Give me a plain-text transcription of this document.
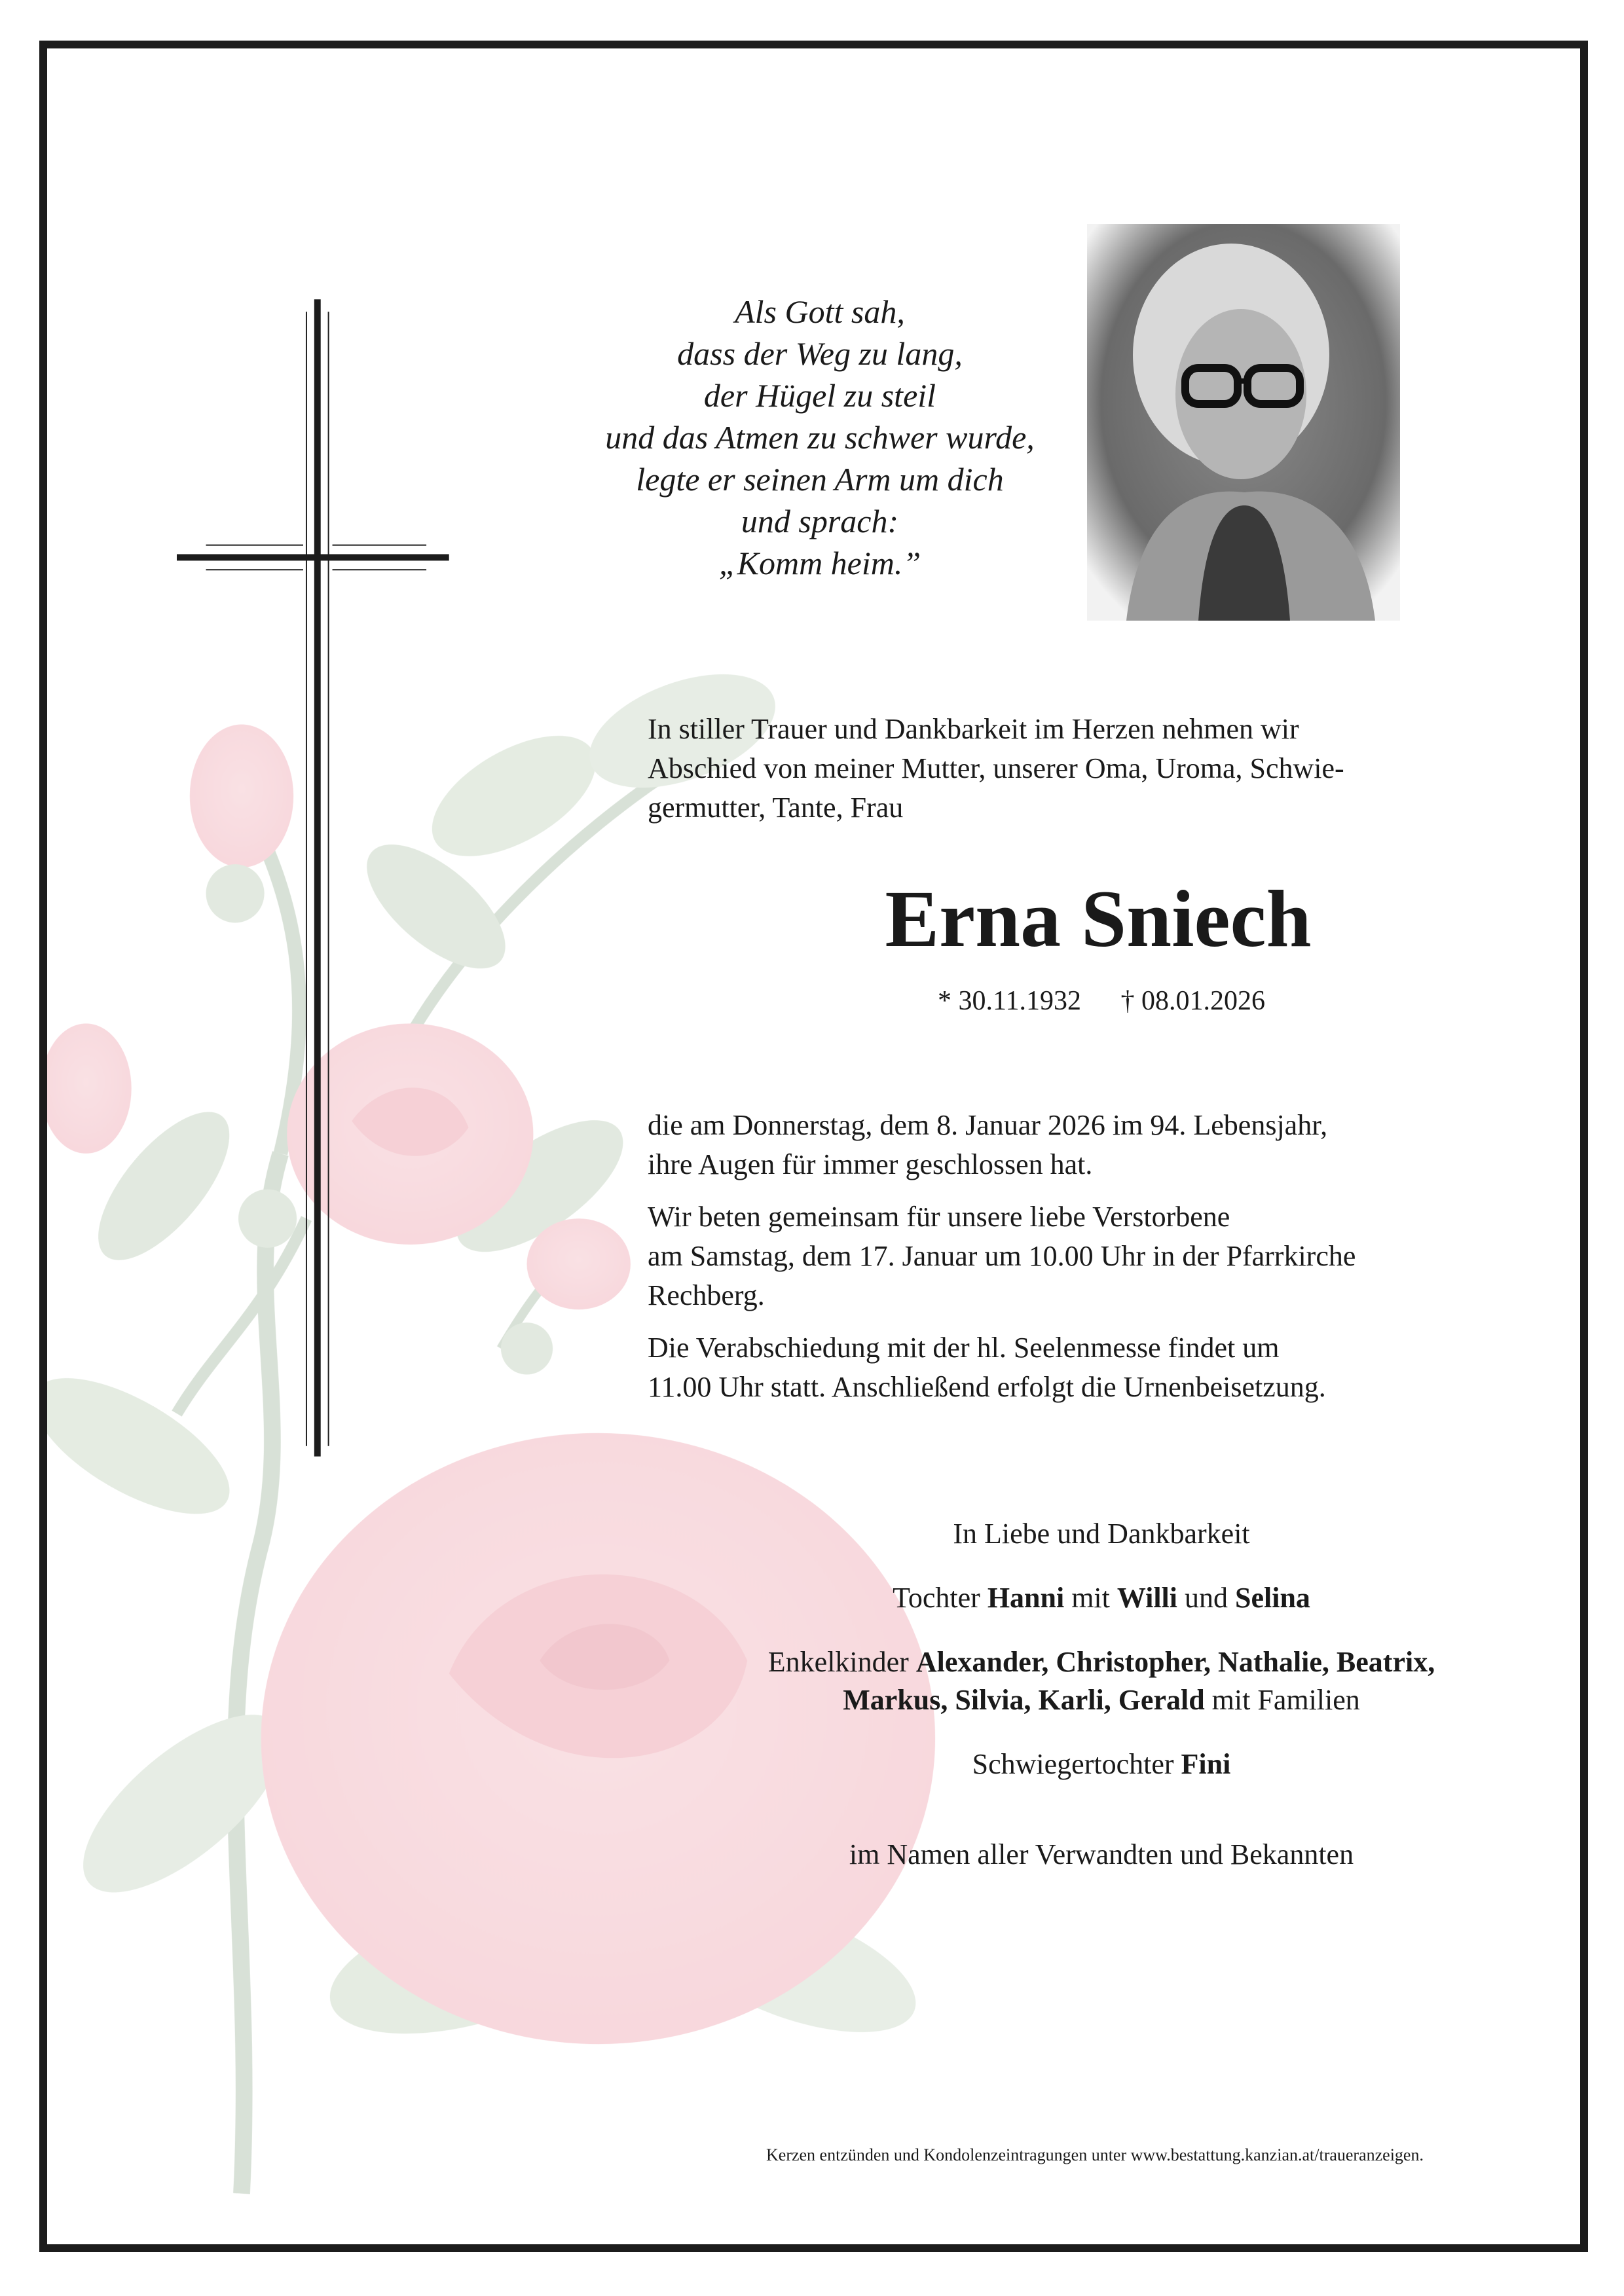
Als Gott sah,
dass der Weg zu lang,
der Hügel zu steil
und das Atmen zu schwer wurde,
legte er seinen Arm um dich
und sprach:
„Komm heim.”
In stiller Trauer und Dankbarkeit im Herzen nehmen wir
Abschied von meiner Mutter, unserer Oma, Uroma, Schwie-
germutter, Tante, Frau
Erna Sniech
* 30.11.1932 † 08.01.2026

die am Donnerstag, dem 8. Januar 2026 im 94. Lebensjahr,
ihre Augen für immer geschlossen hat.

Wir beten gemeinsam für unsere liebe Verstorbene
am Samstag, dem 17. Januar um 10.00 Uhr in der Pfarrkirche
Rechberg.

Die Verabschiedung mit der hl. Seelenmesse findet um
11.00 Uhr statt. Anschließend erfolgt die Urnenbeisetzung.

In Liebe und Dankbarkeit

Tochter Hanni mit Willi und Selina

Enkelkinder Alexander, Christopher, Nathalie, Beatrix,
Markus, Silvia, Karli, Gerald mit Familien

Schwiegertochter Fini

im Namen aller Verwandten und Bekannten

Kerzen entzünden und Kondolenzeintragungen unter www.bestattung.kanzian.at/traueranzeigen.
